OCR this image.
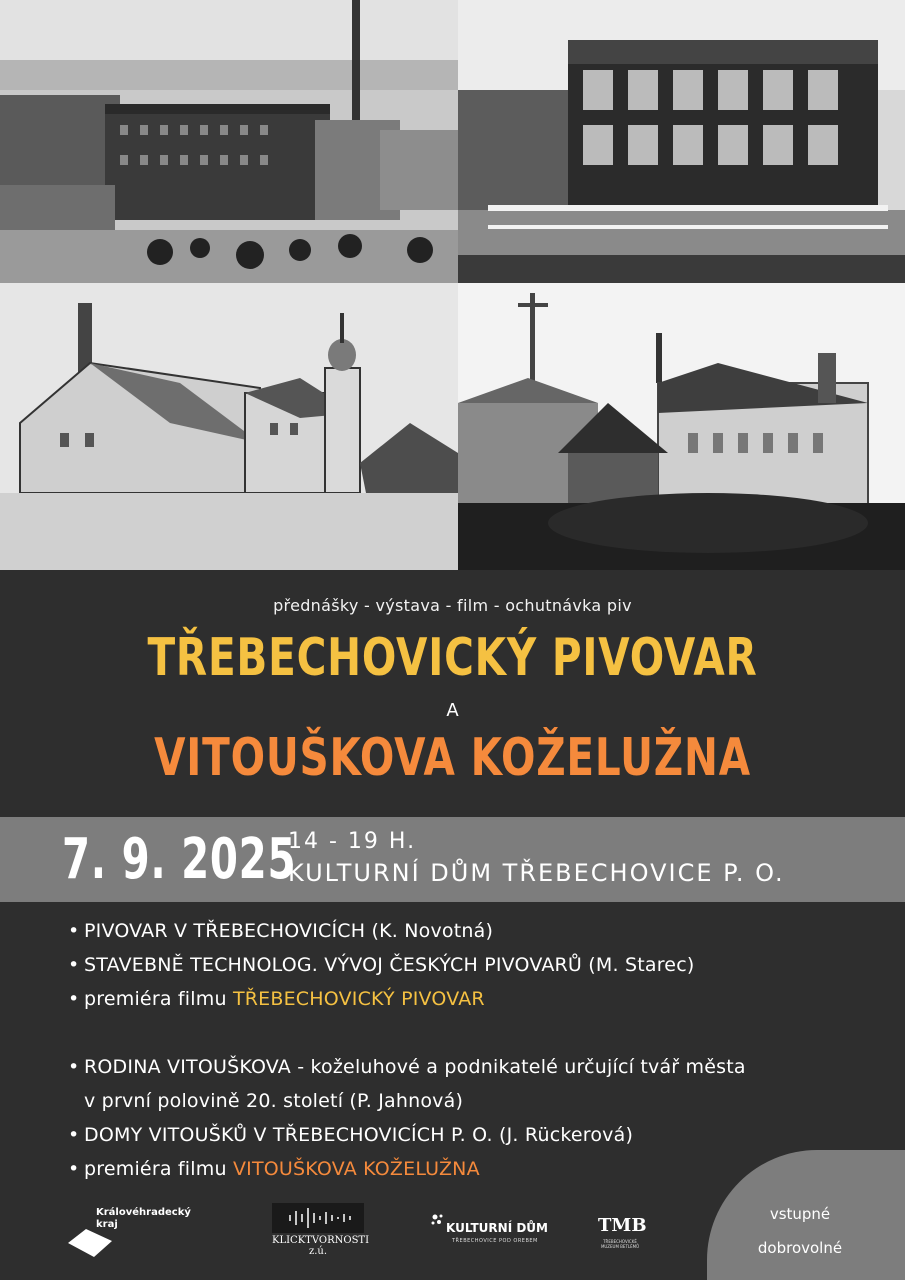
přednášky - výstava - film - ochutnávka piv
TŘEBECHOVICKÝ PIVOVAR
A
VITOUŠKOVA KOŽELUŽNA
7. 9. 2025
14 - 19 H.
KULTURNÍ DŮM TŘEBECHOVICE P. O.
• PIVOVAR V TŘEBECHOVICÍCH (K. Novotná)
• STAVEBNĚ TECHNOLOG. VÝVOJ ČESKÝCH PIVOVARŮ (M. Starec)
• premiéra filmu TŘEBECHOVICKÝ PIVOVAR
• RODINA VITOUŠKOVA - koželuhové a podnikatelé určující tvář města
v první polovině 20. století (P. Jahnová)
• DOMY VITOUŠKŮ V TŘEBECHOVICÍCH P. O. (J. Rückerová)
• premiéra filmu VITOUŠKOVA KOŽELUŽNA
vstupné
dobrovolné
Královéhradecký
kraj
KLICKTVORNOSTI z.ú.
KULTURNÍ DŮM
TŘEBECHOVICE POD OREBEM
TMB
TŘEBECHOVICKÉ MUZEUM BETLÉMŮ
